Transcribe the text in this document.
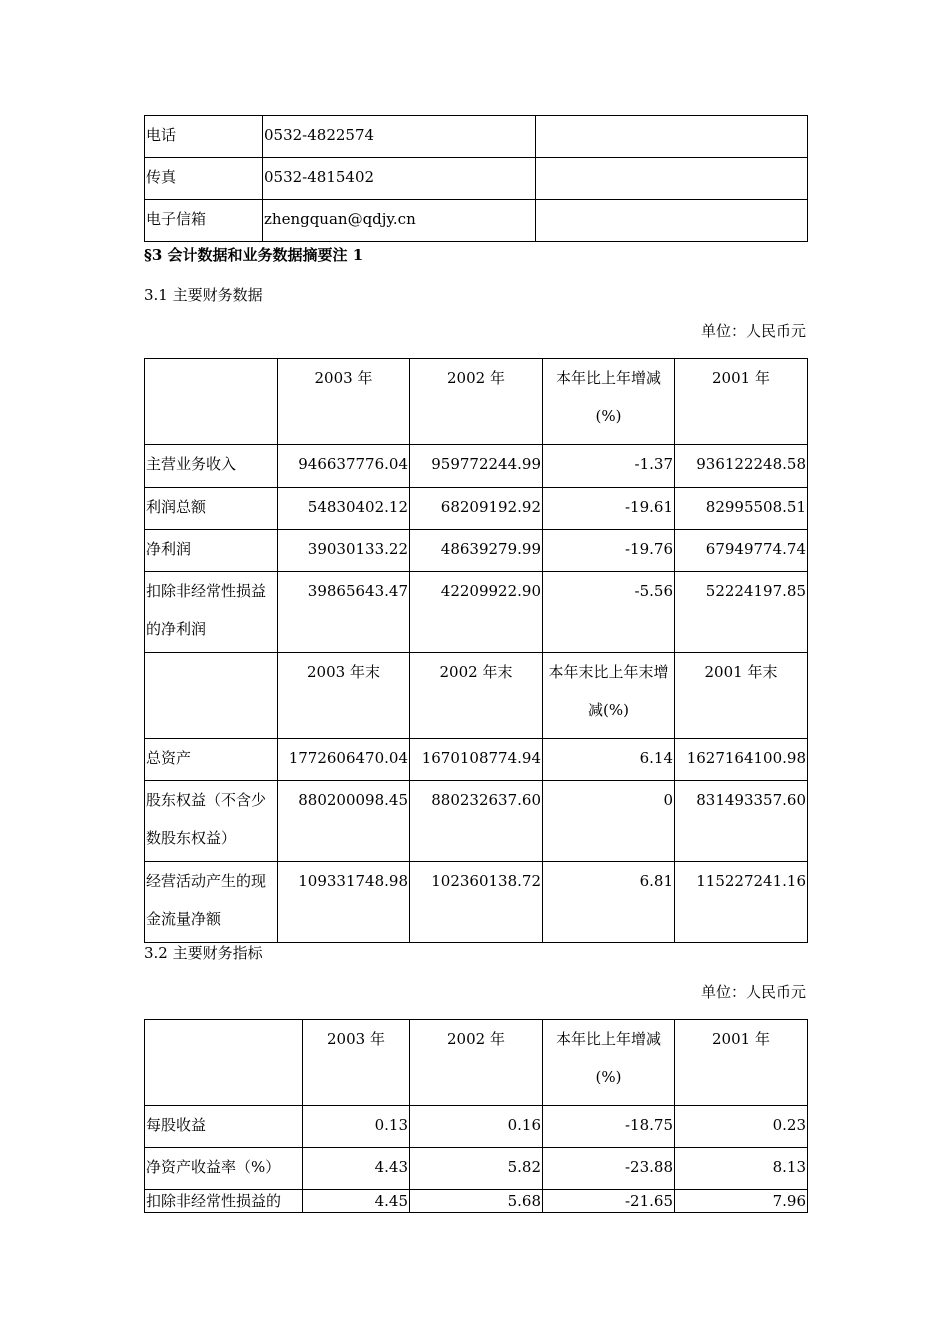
电话	0532-4822574	
传真	0532-4815402	
电子信箱	zhengquan@qdjy.cn	
§3 会计数据和业务数据摘要注 1
3.1 主要财务数据
单位：人民币元
	2003 年	2002 年	本年比上年增减(%)	2001 年
主营业务收入	946637776.04	959772244.99	-1.37	936122248.58
利润总额	54830402.12	68209192.92	-19.61	82995508.51
净利润	39030133.22	48639279.99	-19.76	67949774.74
扣除非经常性损益的净利润	39865643.47	42209922.90	-5.56	52224197.85
	2003 年末	2002 年末	本年末比上年末增减(%)	2001 年末
总资产	1772606470.04	1670108774.94	6.14	1627164100.98
股东权益（不含少数股东权益）	880200098.45	880232637.60	0	831493357.60
经营活动产生的现金流量净额	109331748.98	102360138.72	6.81	115227241.16
3.2 主要财务指标
单位：人民币元
	2003 年	2002 年	本年比上年增减(%)	2001 年
每股收益	0.13	0.16	-18.75	0.23
净资产收益率（%）	4.43	5.82	-23.88	8.13
扣除非经常性损益的	4.45	5.68	-21.65	7.96
